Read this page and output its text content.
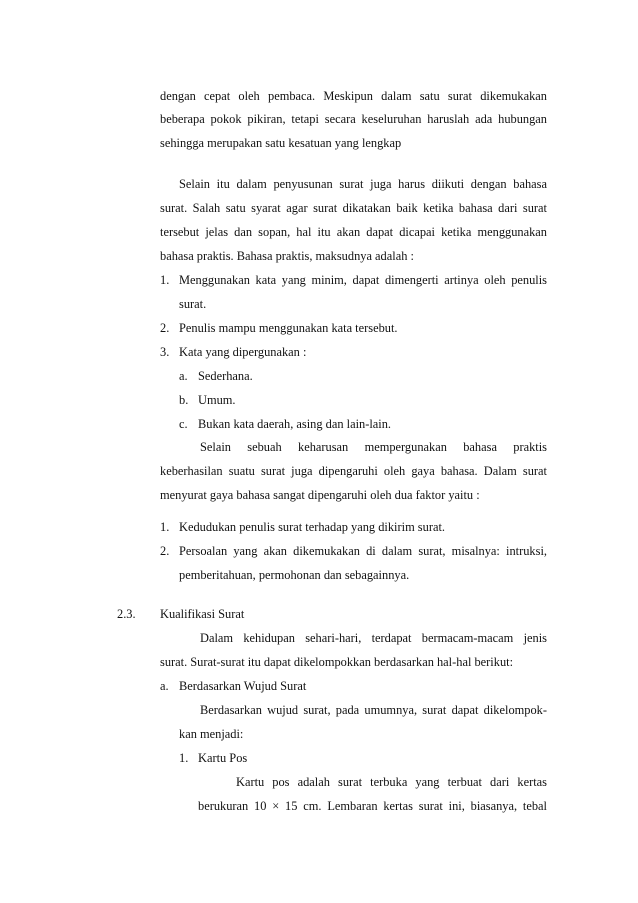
dengan cepat oleh pembaca. Meskipun dalam satu surat dikemukakan
beberapa pokok pikiran, tetapi secara keseluruhan haruslah ada hubungan
sehingga merupakan satu kesatuan yang lengkap
Selain itu dalam penyusunan surat juga harus diikuti dengan bahasa
surat. Salah satu syarat agar surat dikatakan baik ketika bahasa dari surat
tersebut jelas dan sopan, hal itu akan dapat dicapai ketika menggunakan
bahasa praktis. Bahasa praktis, maksudnya adalah :
1. Menggunakan kata yang minim, dapat dimengerti artinya oleh penulis
surat.
2. Penulis mampu menggunakan kata tersebut.
3. Kata yang dipergunakan :
a. Sederhana.
b. Umum.
c. Bukan kata daerah, asing dan lain-lain.
Selain sebuah keharusan mempergunakan bahasa praktis
keberhasilan suatu surat juga dipengaruhi oleh gaya bahasa. Dalam surat
menyurat gaya bahasa sangat dipengaruhi oleh dua faktor yaitu :
1. Kedudukan penulis surat terhadap yang dikirim surat.
2. Persoalan yang akan dikemukakan di dalam surat, misalnya: intruksi,
pemberitahuan, permohonan dan sebagainnya.
2.3. Kualifikasi Surat
Dalam kehidupan sehari-hari, terdapat bermacam-macam jenis
surat. Surat-surat itu dapat dikelompokkan berdasarkan hal-hal berikut:
a. Berdasarkan Wujud Surat
Berdasarkan wujud surat, pada umumnya, surat dapat dikelompok-
kan menjadi:
1. Kartu Pos
Kartu pos adalah surat terbuka yang terbuat dari kertas
berukuran 10 × 15 cm. Lembaran kertas surat ini, biasanya, tebal
